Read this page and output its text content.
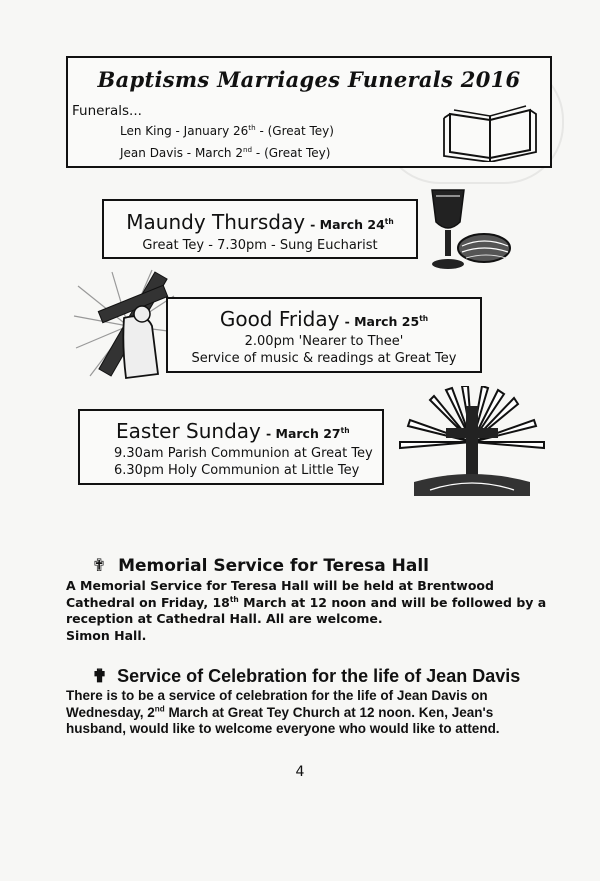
Baptisms Marriages Funerals 2016
Funerals...
Len King - January 26th - (Great Tey)
Jean Davis - March 2nd - (Great Tey)
Maundy Thursday - March 24th
Great Tey - 7.30pm - Sung Eucharist
Good Friday - March 25th
2.00pm 'Nearer to Thee'
Service of music & readings at Great Tey
Easter Sunday - March 27th
9.30am Parish Communion at Great Tey
6.30pm Holy Communion at Little Tey
✟ Memorial Service for Teresa Hall
A Memorial Service for Teresa Hall will be held at Brentwood Cathedral on Friday, 18th March at 12 noon and will be followed by a reception at Cathedral Hall. All are welcome.
Simon Hall.
✟ Service of Celebration for the life of Jean Davis
There is to be a service of celebration for the life of Jean Davis on Wednesday, 2nd March at Great Tey Church at 12 noon. Ken, Jean's husband, would like to welcome everyone who would like to attend.
4
